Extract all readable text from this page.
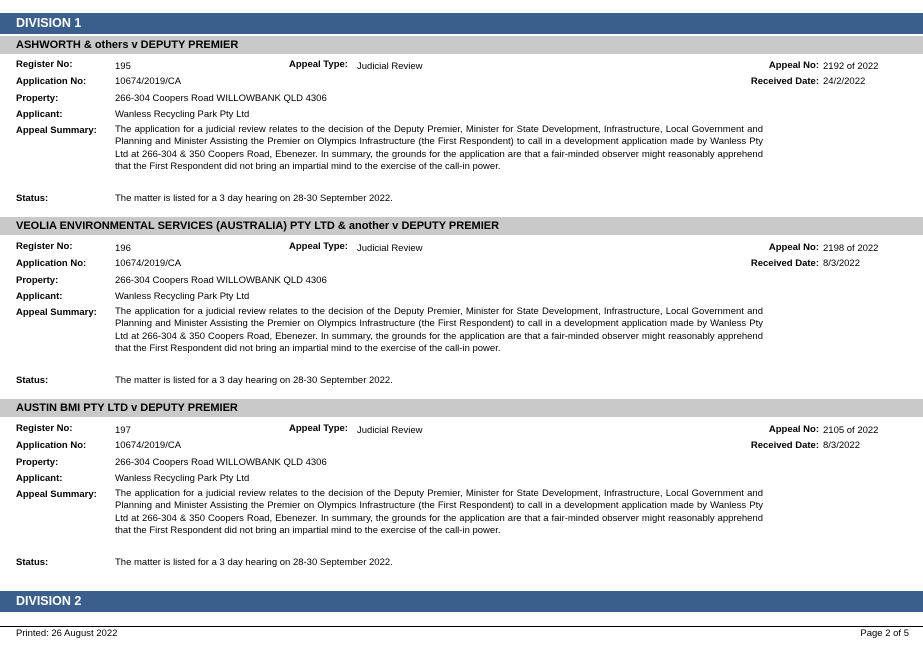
DIVISION 1
ASHWORTH & others v DEPUTY PREMIER
Register No:	195	Appeal Type: Judicial Review	Appeal No: 2192 of 2022
Application No:	10674/2019/CA	Received Date: 24/2/2022
Property:	266-304 Coopers Road WILLOWBANK QLD 4306
Applicant:	Wanless Recycling Park Pty Ltd
Appeal Summary: The application for a judicial review relates to the decision of the Deputy Premier, Minister for State Development, Infrastructure, Local Government and Planning and Minister Assisting the Premier on Olympics Infrastructure (the First Respondent) to call in a development application made by Wanless Pty Ltd at 266-304 & 350 Coopers Road, Ebenezer. In summary, the grounds for the application are that a fair-minded observer might reasonably apprehend that the First Respondent did not bring an impartial mind to the exercise of the call-in power.
Status:	The matter is listed for a 3 day hearing on 28-30 September 2022.
VEOLIA ENVIRONMENTAL SERVICES (AUSTRALIA) PTY LTD & another v DEPUTY PREMIER
Register No:	196	Appeal Type: Judicial Review	Appeal No: 2198 of 2022
Application No:	10674/2019/CA	Received Date: 8/3/2022
Property:	266-304 Coopers Road WILLOWBANK QLD 4306
Applicant:	Wanless Recycling Park Pty Ltd
Appeal Summary: The application for a judicial review relates to the decision of the Deputy Premier, Minister for State Development, Infrastructure, Local Government and Planning and Minister Assisting the Premier on Olympics Infrastructure (the First Respondent) to call in a development application made by Wanless Pty Ltd at 266-304 & 350 Coopers Road, Ebenezer. In summary, the grounds for the application are that a fair-minded observer might reasonably apprehend that the First Respondent did not bring an impartial mind to the exercise of the call-in power.
Status:	The matter is listed for a 3 day hearing on 28-30 September 2022.
AUSTIN BMI PTY LTD v DEPUTY PREMIER
Register No:	197	Appeal Type: Judicial Review	Appeal No: 2105 of 2022
Application No:	10674/2019/CA	Received Date: 8/3/2022
Property:	266-304 Coopers Road WILLOWBANK QLD 4306
Applicant:	Wanless Recycling Park Pty Ltd
Appeal Summary: The application for a judicial review relates to the decision of the Deputy Premier, Minister for State Development, Infrastructure, Local Government and Planning and Minister Assisting the Premier on Olympics Infrastructure (the First Respondent) to call in a development application made by Wanless Pty Ltd at 266-304 & 350 Coopers Road, Ebenezer. In summary, the grounds for the application are that a fair-minded observer might reasonably apprehend that the First Respondent did not bring an impartial mind to the exercise of the call-in power.
Status:	The matter is listed for a 3 day hearing on 28-30 September 2022.
DIVISION 2
Printed: 26 August 2022	Page 2 of 5
